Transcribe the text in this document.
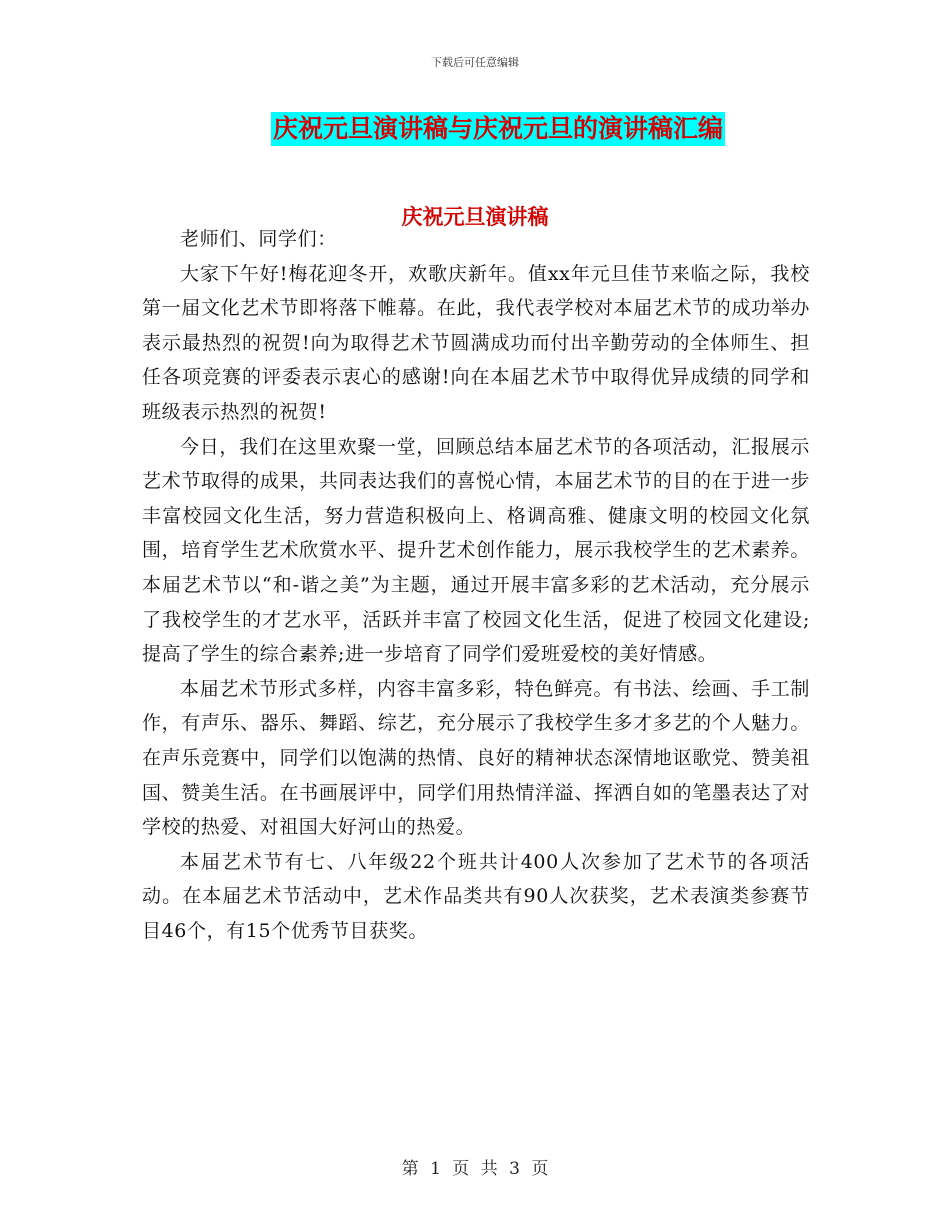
下载后可任意编辑
庆祝元旦演讲稿与庆祝元旦的演讲稿汇编
庆祝元旦演讲稿

老师们、同学们：

大家下午好!梅花迎冬开，欢歌庆新年。值xx年元旦佳节来临之际，我校第一届文化艺术节即将落下帷幕。在此，我代表学校对本届艺术节的成功举办表示最热烈的祝贺!向为取得艺术节圆满成功而付出辛勤劳动的全体师生、担任各项竞赛的评委表示衷心的感谢!向在本届艺术节中取得优异成绩的同学和班级表示热烈的祝贺!

今日，我们在这里欢聚一堂，回顾总结本届艺术节的各项活动，汇报展示艺术节取得的成果，共同表达我们的喜悦心情，本届艺术节的目的在于进一步丰富校园文化生活，努力营造积极向上、格调高雅、健康文明的校园文化氛围，培育学生艺术欣赏水平、提升艺术创作能力，展示我校学生的艺术素养。本届艺术节以“和-谐之美”为主题，通过开展丰富多彩的艺术活动，充分展示了我校学生的才艺水平，活跃并丰富了校园文化生活，促进了校园文化建设;提高了学生的综合素养;进一步培育了同学们爱班爱校的美好情感。

本届艺术节形式多样，内容丰富多彩，特色鲜亮。有书法、绘画、手工制作，有声乐、器乐、舞蹈、综艺，充分展示了我校学生多才多艺的个人魅力。在声乐竞赛中，同学们以饱满的热情、良好的精神状态深情地讴歌党、赞美祖国、赞美生活。在书画展评中，同学们用热情洋溢、挥洒自如的笔墨表达了对学校的热爱、对祖国大好河山的热爱。

本届艺术节有七、八年级22个班共计400人次参加了艺术节的各项活动。在本届艺术节活动中，艺术作品类共有90人次获奖，艺术表演类参赛节目46个，有15个优秀节目获奖。

第 1 页 共 3 页
